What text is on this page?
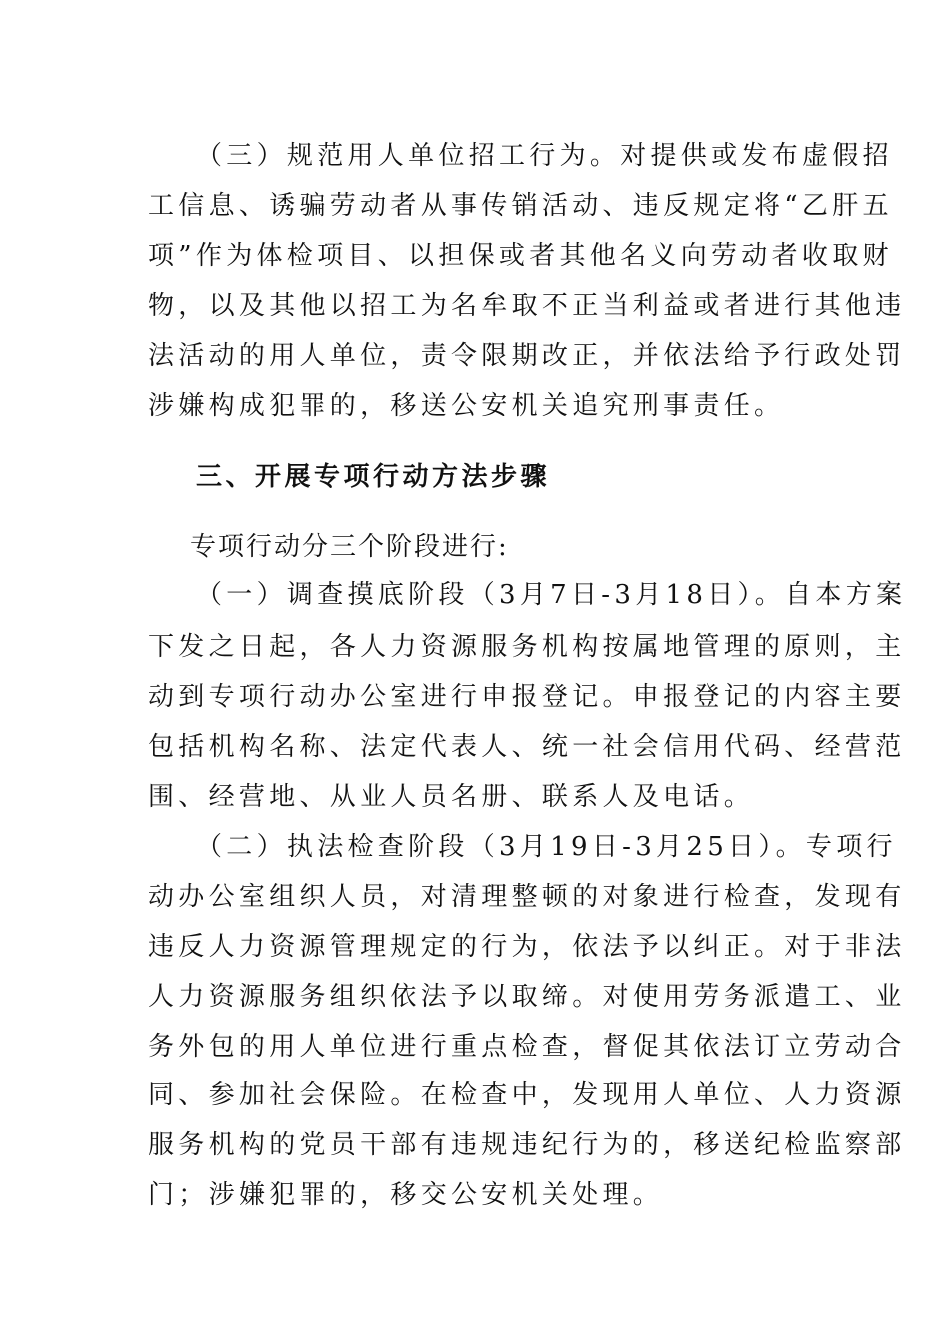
（三）规范用人单位招工行为。对提供或发布虚假招
工信息、诱骗劳动者从事传销活动、违反规定将“乙肝五
项”作为体检项目、以担保或者其他名义向劳动者收取财
物，以及其他以招工为名牟取不正当利益或者进行其他违
法活动的用人单位，责令限期改正，并依法给予行政处罚
涉嫌构成犯罪的，移送公安机关追究刑事责任。
三、开展专项行动方法步骤
专项行动分三个阶段进行:
（一）调查摸底阶段（3月7日-3月18日）。自本方案
下发之日起，各人力资源服务机构按属地管理的原则，主
动到专项行动办公室进行申报登记。申报登记的内容主要
包括机构名称、法定代表人、统一社会信用代码、经营范
围、经营地、从业人员名册、联系人及电话。
（二）执法检查阶段（3月19日-3月25日）。专项行
动办公室组织人员，对清理整顿的对象进行检查，发现有
违反人力资源管理规定的行为，依法予以纠正。对于非法
人力资源服务组织依法予以取缔。对使用劳务派遣工、业
务外包的用人单位进行重点检查，督促其依法订立劳动合
同、参加社会保险。在检查中，发现用人单位、人力资源
服务机构的党员干部有违规违纪行为的，移送纪检监察部
门；涉嫌犯罪的，移交公安机关处理。
